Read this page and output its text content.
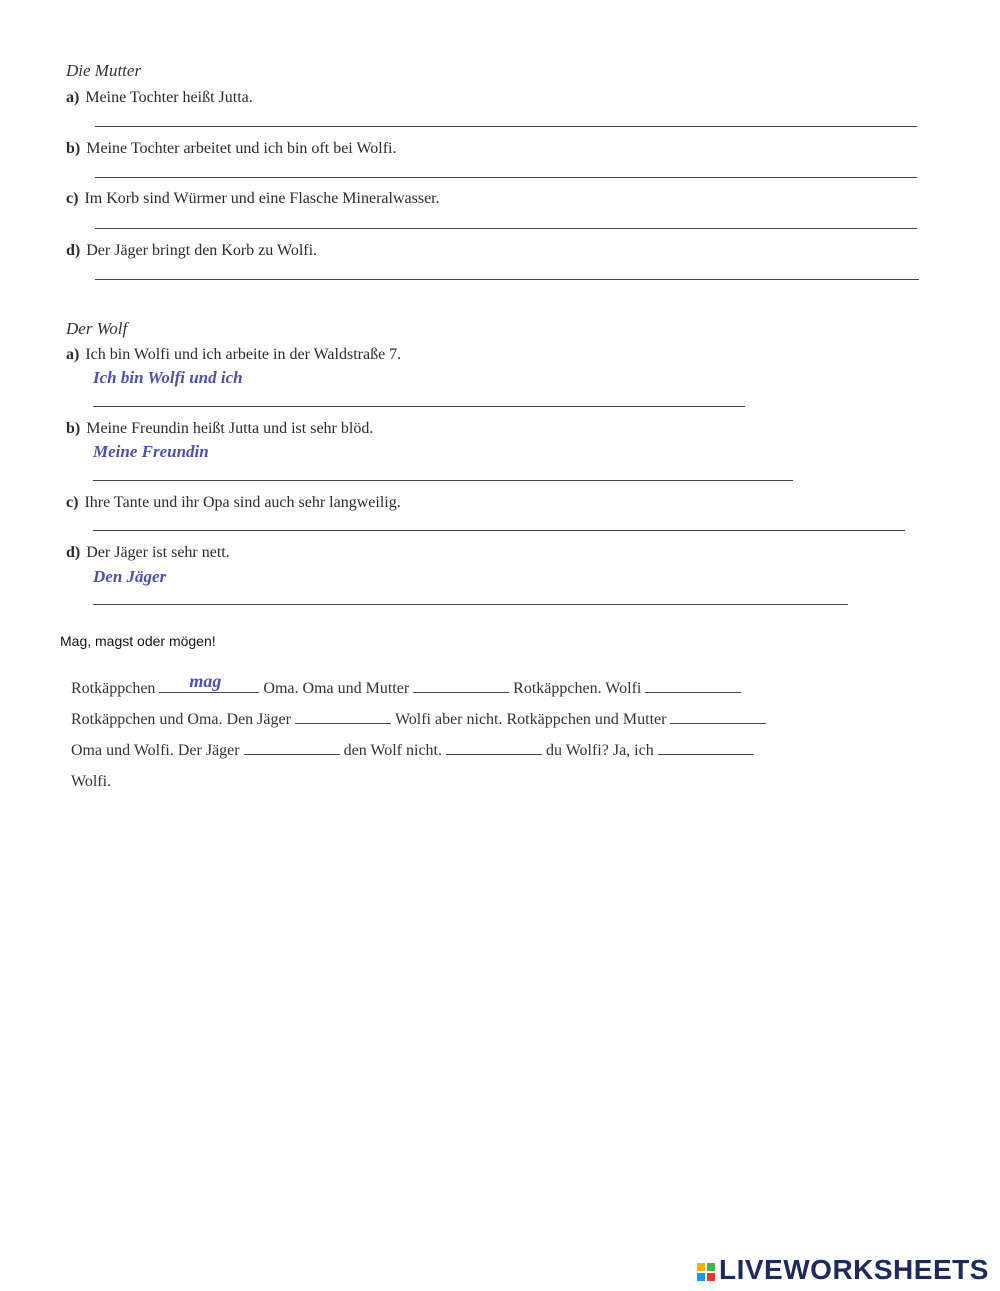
Die Mutter
a) Meine Tochter heißt Jutta.
b) Meine Tochter arbeitet und ich bin oft bei Wolfi.
c) Im Korb sind Würmer und eine Flasche Mineralwasser.
d) Der Jäger bringt den Korb zu Wolfi.
Der Wolf
a) Ich bin Wolfi und ich arbeite in der Waldstraße 7.
Ich bin Wolfi und ich
b) Meine Freundin heißt Jutta und ist sehr blöd.
Meine Freundin
c) Ihre Tante und ihr Opa sind auch sehr langweilig.
d) Der Jäger ist sehr nett.
Den Jäger
Mag, magst oder mögen!
Rotkäppchen mag	Oma. Oma und Mutter	Rotkäppchen. Wolfi
Rotkäppchen und Oma. Den Jäger	Wolfi aber nicht. Rotkäppchen und Mutter
Oma und Wolfi. Der Jäger	den Wolf nicht.	du Wolfi? Ja, ich
Wolfi.
LIVEWORKSHEETS
